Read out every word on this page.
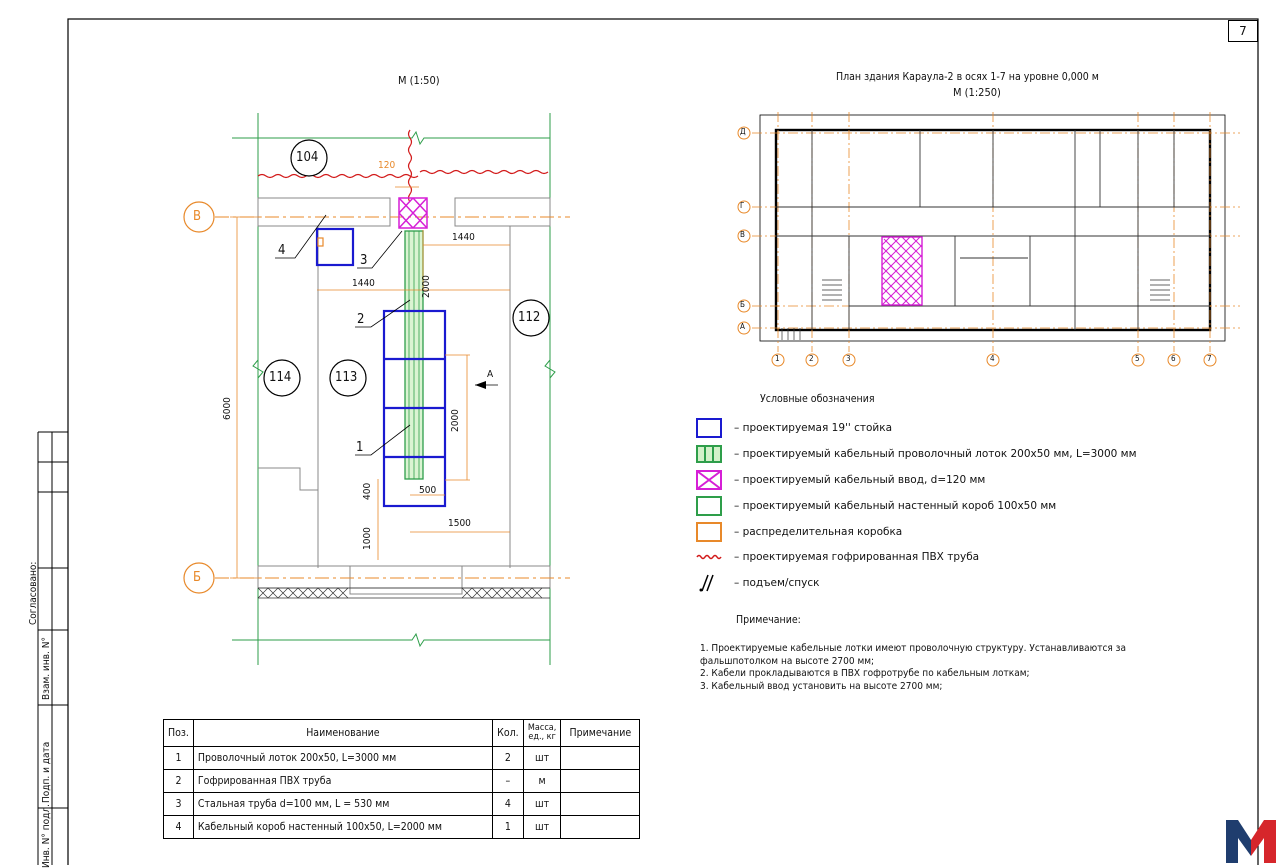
7
Согласовано:
Взам. инв. N°
Подп. и дата
Инв. N° подл.
М (1:50)
104
114	113
112
В
Б
120
1440
1440	2000
2000
6000
400	500
1500
1000
1
2
3
4
А
План здания Караула-2 в осях 1-7 на уровне 0,000 м
М (1:250)
Д
Г
В
Б
А
1	2	3	4	5	6	7
Условные обозначения
– проектируемая 19'' стойка
– проектируемый кабельный проволочный лоток 200х50 мм, L=3000 мм
– проектируемый кабельный ввод, d=120 мм
– проектируемый кабельный настенный короб 100х50 мм
– распределительная коробка
– проектируемая гофрированная ПВХ труба
– подъем/спуск
Примечание:
1. Проектируемые кабельные лотки имеют проволочную структуру. Устанавливаются за фальшпотолком на высоте 2700 мм;
2. Кабели прокладываются в ПВХ гофротрубе по кабельным лоткам;
3. Кабельный ввод установить на высоте 2700 мм;
Поз.	Наименование	Кол.	Масса, ед., кг	Примечание
1	Проволочный лоток 200х50, L=3000 мм	2	шт	
2	Гофрированная ПВХ труба	–	м	
3	Стальная труба d=100 мм, L = 530 мм	4	шт	
4	Кабельный короб настенный 100х50, L=2000 мм	1	шт	
